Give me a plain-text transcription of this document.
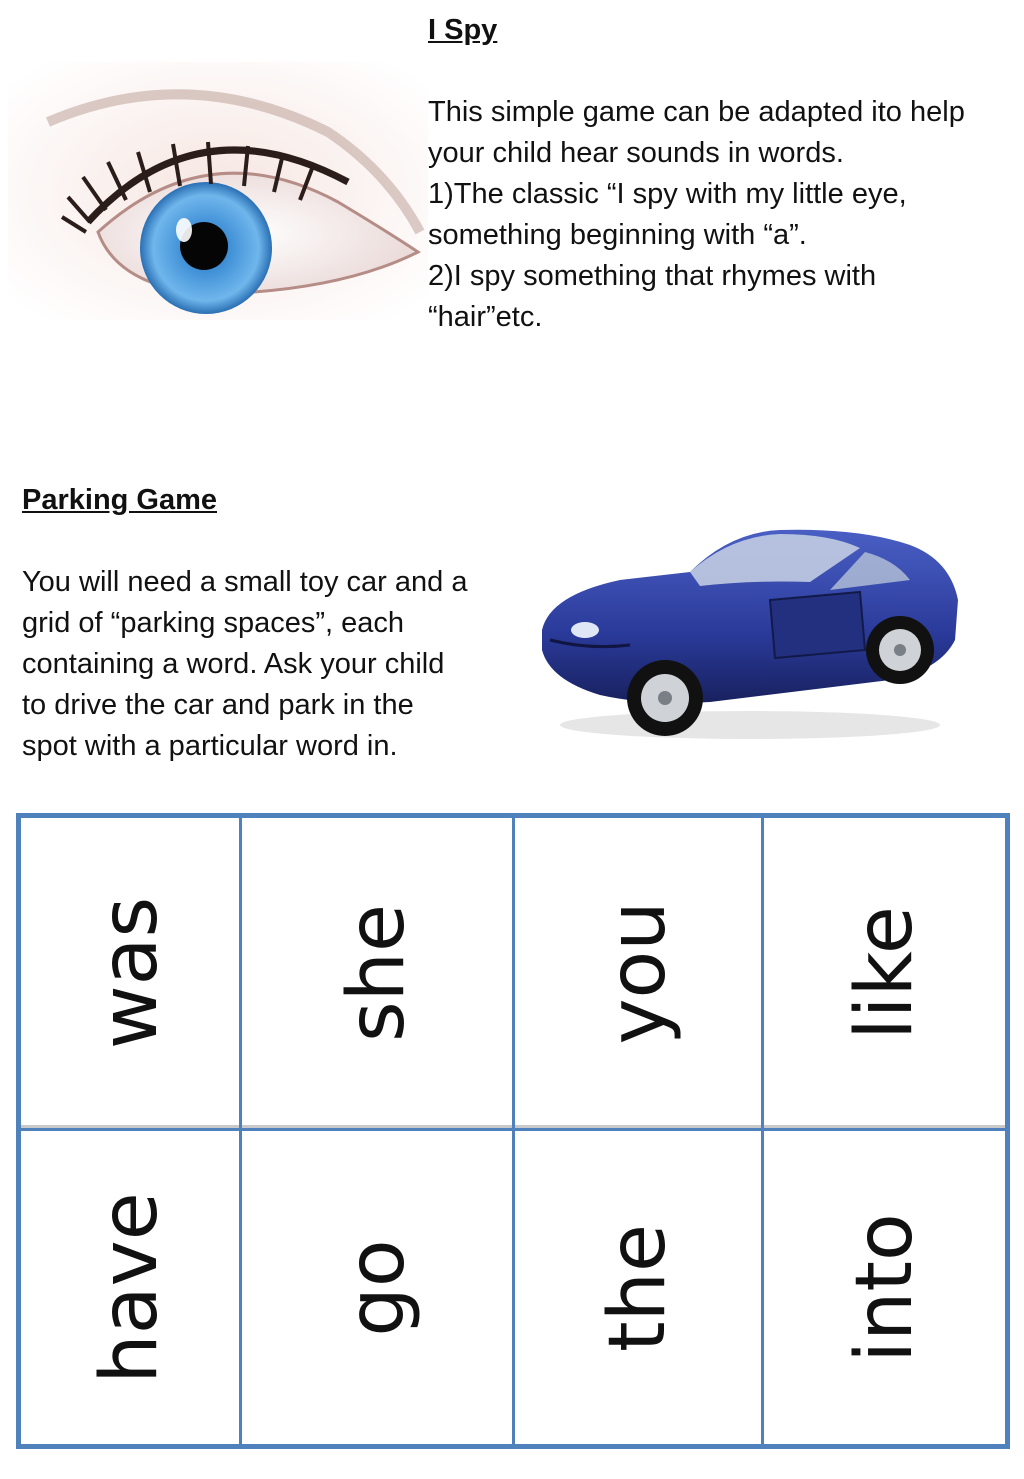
I Spy
This simple game can be adapted ito help
your child hear sounds in words.
1)The classic “I spy with my little eye,
something beginning with “a”.
2)I spy something that rhymes with
“hair”etc.
Parking Game
You will need a small toy car and a
grid of “parking spaces”, each
containing a word. Ask your child
to drive the car and park in the
spot with a particular word in.
was she you like
have go the into
